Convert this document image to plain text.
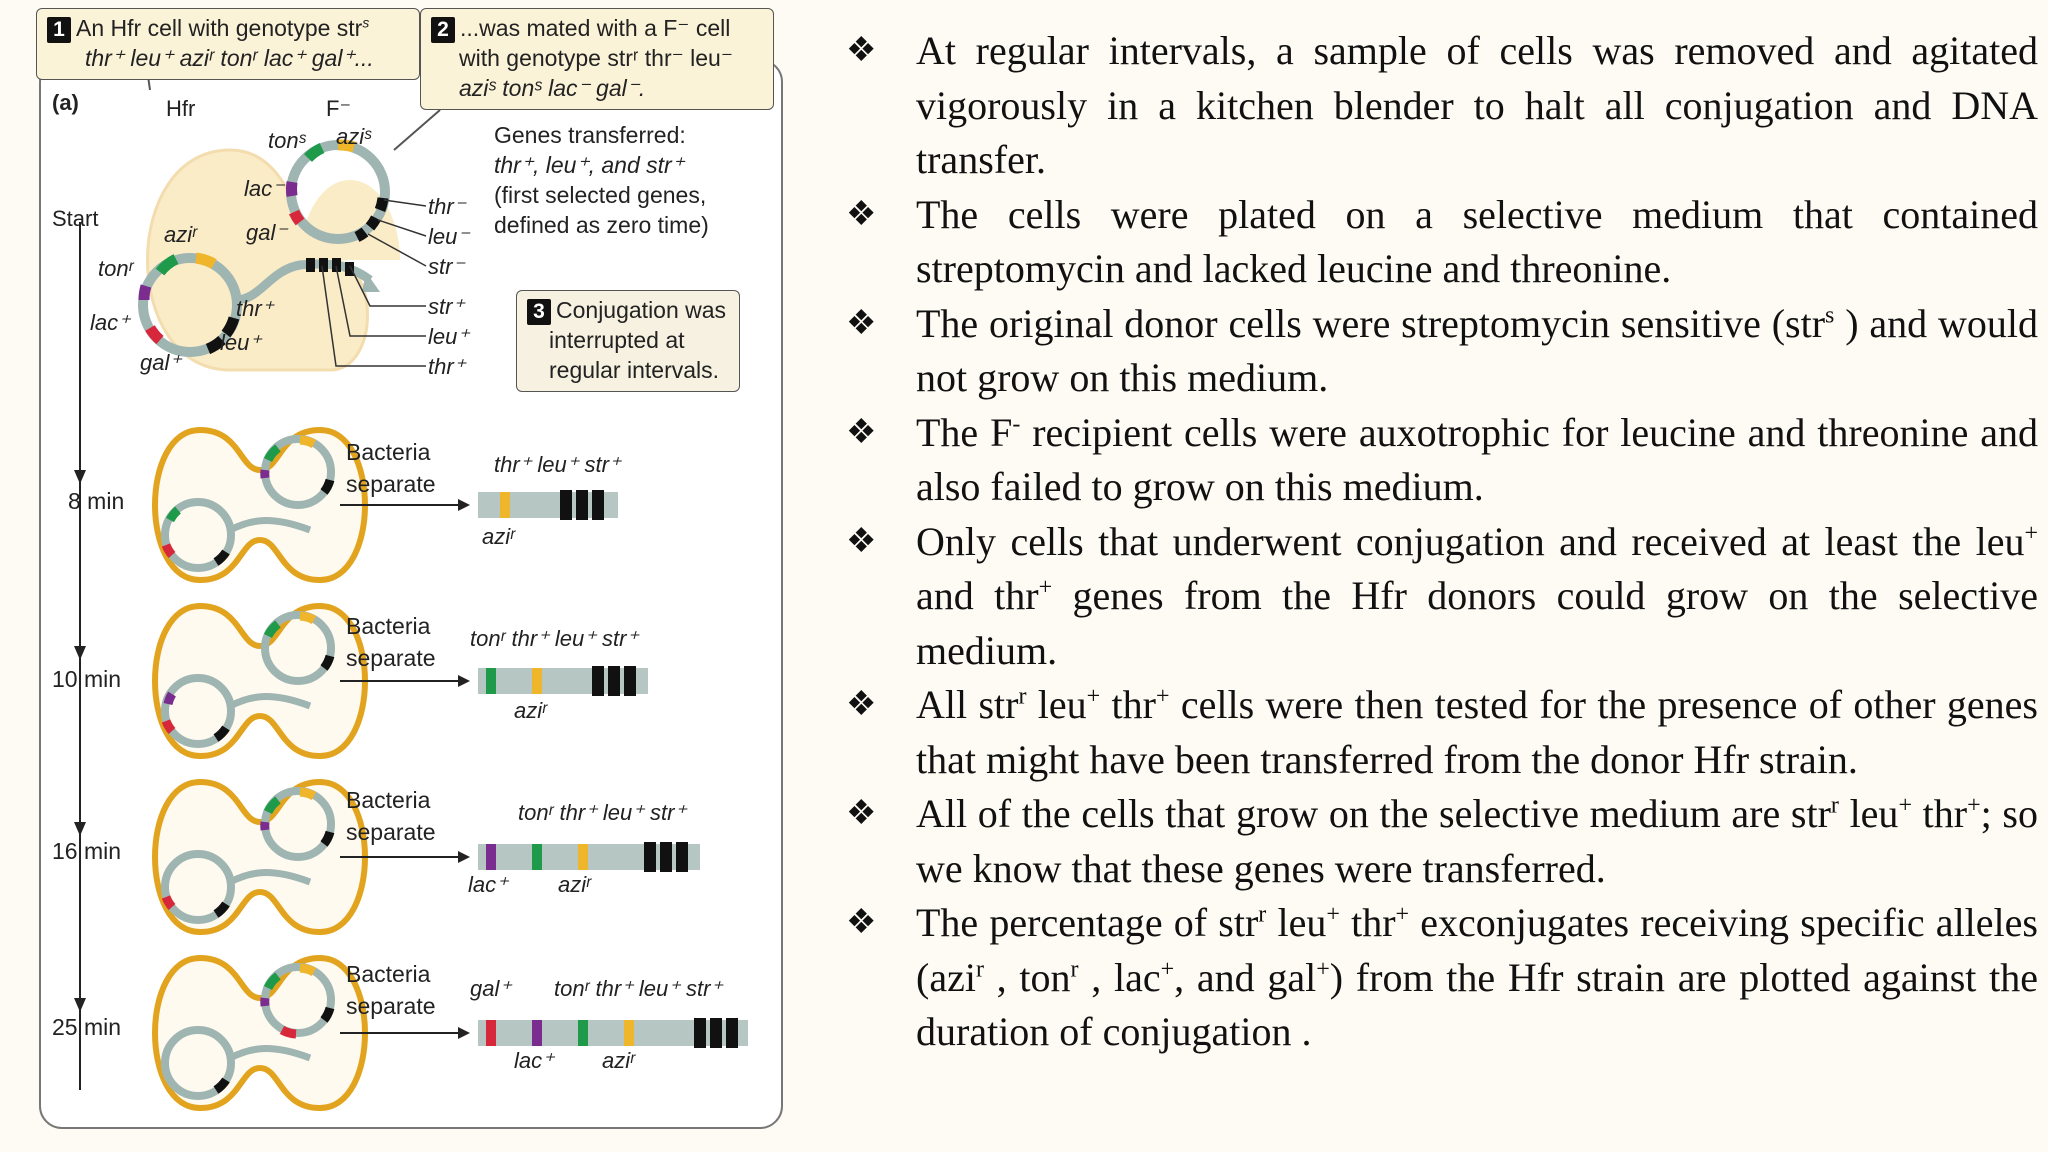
1 An Hfr cell with genotype str$^s$
thr⁺ leu⁺ aziʳ tonʳ lac⁺ gal⁺...
2 ...was mated with a F⁻ cell
with genotype strʳ thr⁻ leu⁻
aziˢ tonˢ lac⁻ gal⁻.
3 Conjugation was
interrupted at
regular intervals.
(a)	Hfr	F⁻
Genes transferred:
thr⁺, leu⁺, and str⁺
(first selected genes,
defined as zero time)
Start
tonʳ
aziʳ
lac⁺
gal⁺
thr⁺
leu⁺
tonˢ aziˢ
lac⁻
gal⁻
thr⁻
leu⁻
str⁻
str⁺
leu⁺
thr⁺
8 min
Bacteria
separate
thr⁺ leu⁺ str⁺
aziʳ
10 min
Bacteria
separate
tonʳ thr⁺ leu⁺ str⁺
aziʳ
16 min
Bacteria
separate
tonʳ thr⁺ leu⁺ str⁺
lac⁺ aziʳ
25 min
Bacteria
separate
gal⁺ tonʳ thr⁺ leu⁺ str⁺
lac⁺ aziʳ
❖ At regular intervals, a sample of cells was removed and agitated vigorously in a kitchen blender to halt all conjugation and DNA transfer.
❖ The cells were plated on a selective medium that contained streptomycin and lacked leucine and threonine.
❖ The original donor cells were streptomycin sensitive (str$^s$ ) and would not grow on this medium.
❖ The F- recipient cells were auxotrophic for leucine and threonine and also failed to grow on this medium.
❖ Only cells that underwent conjugation and received at least the leu+ and thr+ genes from the Hfr donors could grow on the selective medium.
❖ All str$^r$ leu+ thr+ cells were then tested for the presence of other genes that might have been transferred from the donor Hfr strain.
❖ All of the cells that grow on the selective medium are str$^r$ leu+ thr+; so we know that these genes were transferred.
❖ The percentage of str$^r$ leu+ thr+ exconjugates receiving specific alleles (azi$^r$ , ton$^r$ , lac+, and gal+) from the Hfr strain are plotted against the duration of conjugation .
